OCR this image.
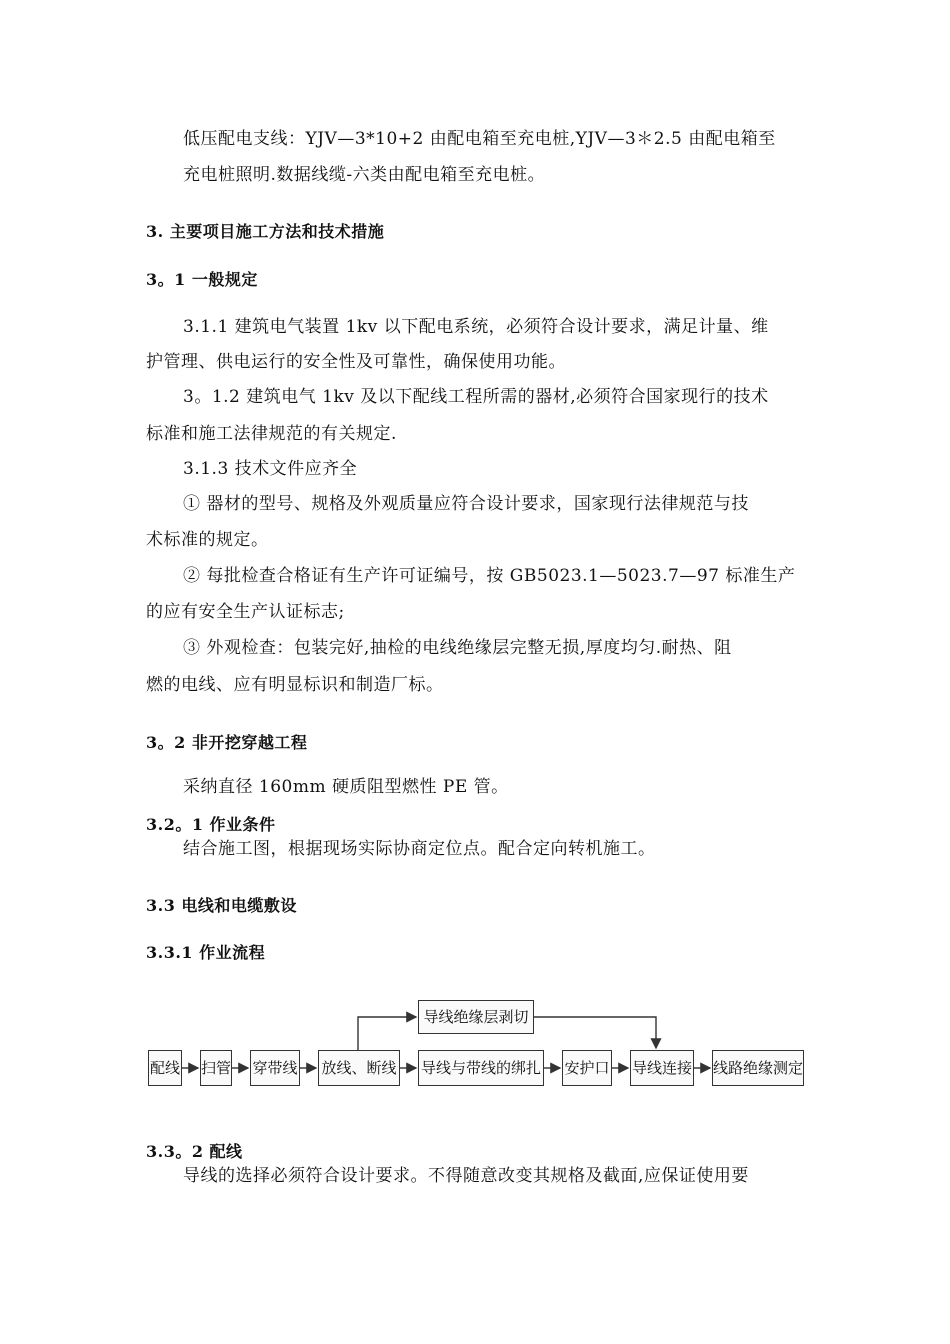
低压配电支线：YJV—3*10+2 由配电箱至充电桩,YJV—3＊2.5 由配电箱至
充电桩照明.数据线缆-六类由配电箱至充电桩。
3. 主要项目施工方法和技术措施
3。1 一般规定
3.1.1 建筑电气装置 1kv 以下配电系统，必须符合设计要求，满足计量、维
护管理、供电运行的安全性及可靠性，确保使用功能。
3。1.2 建筑电气 1kv 及以下配线工程所需的器材,必须符合国家现行的技术
标准和施工法律规范的有关规定.
3.1.3 技术文件应齐全
① 器材的型号、规格及外观质量应符合设计要求，国家现行法律规范与技
术标准的规定。
② 每批检查合格证有生产许可证编号，按 GB5023.1—5023.7—97 标准生产
的应有安全生产认证标志;
③ 外观检查：包装完好,抽检的电线绝缘层完整无损,厚度均匀.耐热、阻
燃的电线、应有明显标识和制造厂标。
3。2 非开挖穿越工程
采纳直径 160mm 硬质阻型燃性 PE 管。
3.2。1 作业条件
结合施工图，根据现场实际协商定位点。配合定向转机施工。
3.3 电线和电缆敷设
3.3.1 作业流程
导线绝缘层剥切
配线 扫管 穿带线 放线、断线 导线与带线的绑扎 安护口 导线连接 线路绝缘测定
3.3。2 配线
导线的选择必须符合设计要求。不得随意改变其规格及截面,应保证使用要
